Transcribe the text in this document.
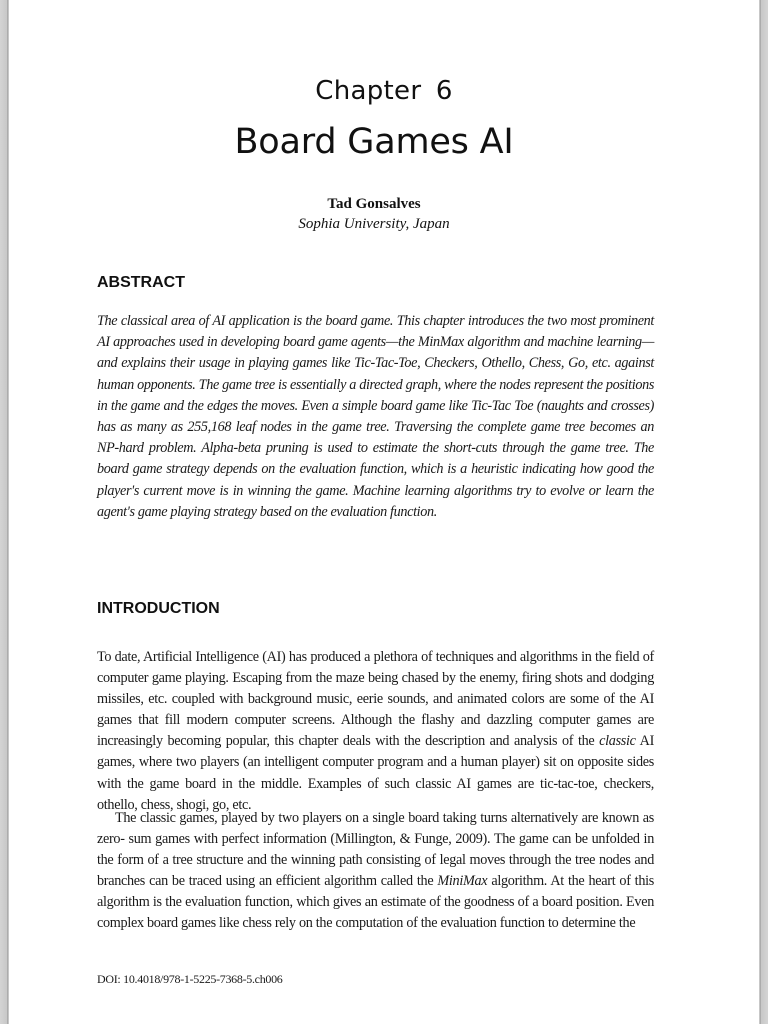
Chapter 6
Board Games AI
Tad Gonsalves
Sophia University, Japan
ABSTRACT

The classical area of AI application is the board game. This chapter introduces the two most prominent AI approaches used in developing board game agents—the MinMax algorithm and machine learning—and explains their usage in playing games like Tic-Tac-Toe, Checkers, Othello, Chess, Go, etc. against human opponents. The game tree is essentially a directed graph, where the nodes represent the positions in the game and the edges the moves. Even a simple board game like Tic-Tac Toe (naughts and crosses) has as many as 255,168 leaf nodes in the game tree. Traversing the complete game tree becomes an NP-hard problem. Alpha-beta pruning is used to estimate the short-cuts through the game tree. The board game strategy depends on the evaluation function, which is a heuristic indicating how good the player's current move is in winning the game. Machine learning algorithms try to evolve or learn the agent's game playing strategy based on the evaluation function.

INTRODUCTION

To date, Artificial Intelligence (AI) has produced a plethora of techniques and algorithms in the field of computer game playing. Escaping from the maze being chased by the enemy, firing shots and dodging missiles, etc. coupled with background music, eerie sounds, and animated colors are some of the AI games that fill modern computer screens. Although the flashy and dazzling computer games are increasingly becoming popular, this chapter deals with the description and analysis of the classic AI games, where two players (an intelligent computer program and a human player) sit on opposite sides with the game board in the middle. Examples of such classic AI games are tic-tac-toe, checkers, othello, chess, shogi, go, etc.

The classic games, played by two players on a single board taking turns alternatively are known as zero- sum games with perfect information (Millington, & Funge, 2009). The game can be unfolded in the form of a tree structure and the winning path consisting of legal moves through the tree nodes and branches can be traced using an efficient algorithm called the MiniMax algorithm. At the heart of this algorithm is the evaluation function, which gives an estimate of the goodness of a board position. Even complex board games like chess rely on the computation of the evaluation function to determine the

DOI: 10.4018/978-1-5225-7368-5.ch006
